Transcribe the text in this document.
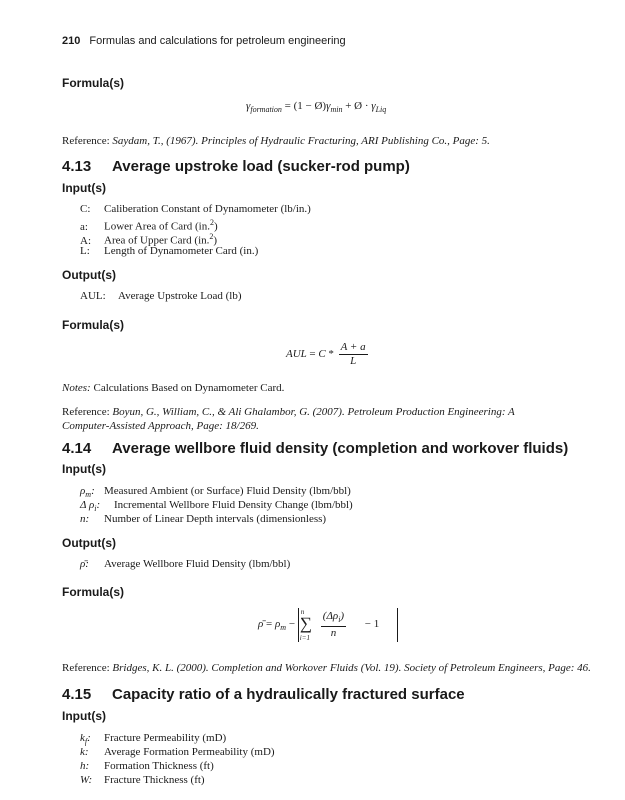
210 Formulas and calculations for petroleum engineering
Formula(s)
$\gamma_{formation} = (1$ − $Ø)\gamma_{min}$ + Ø · $\gamma_{Liq}$
Reference: Saydam, T., (1967). Principles of Hydraulic Fracturing, ARI Publishing Co., Page: 5.
4.13 Average upstroke load (sucker-rod pump)
Input(s)
C: Caliberation Constant of Dynamometer (lb/in.)
a: Lower Area of Card (in.$^2$)
A: Area of Upper Card (in.$^2$)
L: Length of Dynamometer Card (in.)
Output(s)
AUL: Average Upstroke Load (lb)
Formula(s)
AUL = C * $\frac{A + a}{L}$
Notes: Calculations Based on Dynamometer Card.
Reference: Boyun, G., William, C., & Ali Ghalambor, G. (2007). Petroleum Production Engineering: A Computer-Assisted Approach, Page: 18/269.
4.14 Average wellbore fluid density (completion and workover fluids)
Input(s)
$\rho_m$: Measured Ambient (or Surface) Fluid Density (lbm/bbl)
Δ $\rho_i$: Incremental Wellbore Fluid Density Change (lbm/bbl)
n: Number of Linear Depth intervals (dimensionless)
Output(s)
ρ̄: Average Wellbore Fluid Density (lbm/bbl)
Formula(s)
ρ̄ = $\rho_m$ −
n
∑
$i=1 \frac{(\Delta\rho_i)}{n} - 1$
Reference: Bridges, K. L. (2000). Completion and Workover Fluids (Vol. 19). Society of Petroleum Engineers, Page: 46.
4.15 Capacity ratio of a hydraulically fractured surface
Input(s)
$k_f$: Fracture Permeability (mD)
k: Average Formation Permeability (mD)
h: Formation Thickness (ft)
W: Fracture Thickness (ft)
